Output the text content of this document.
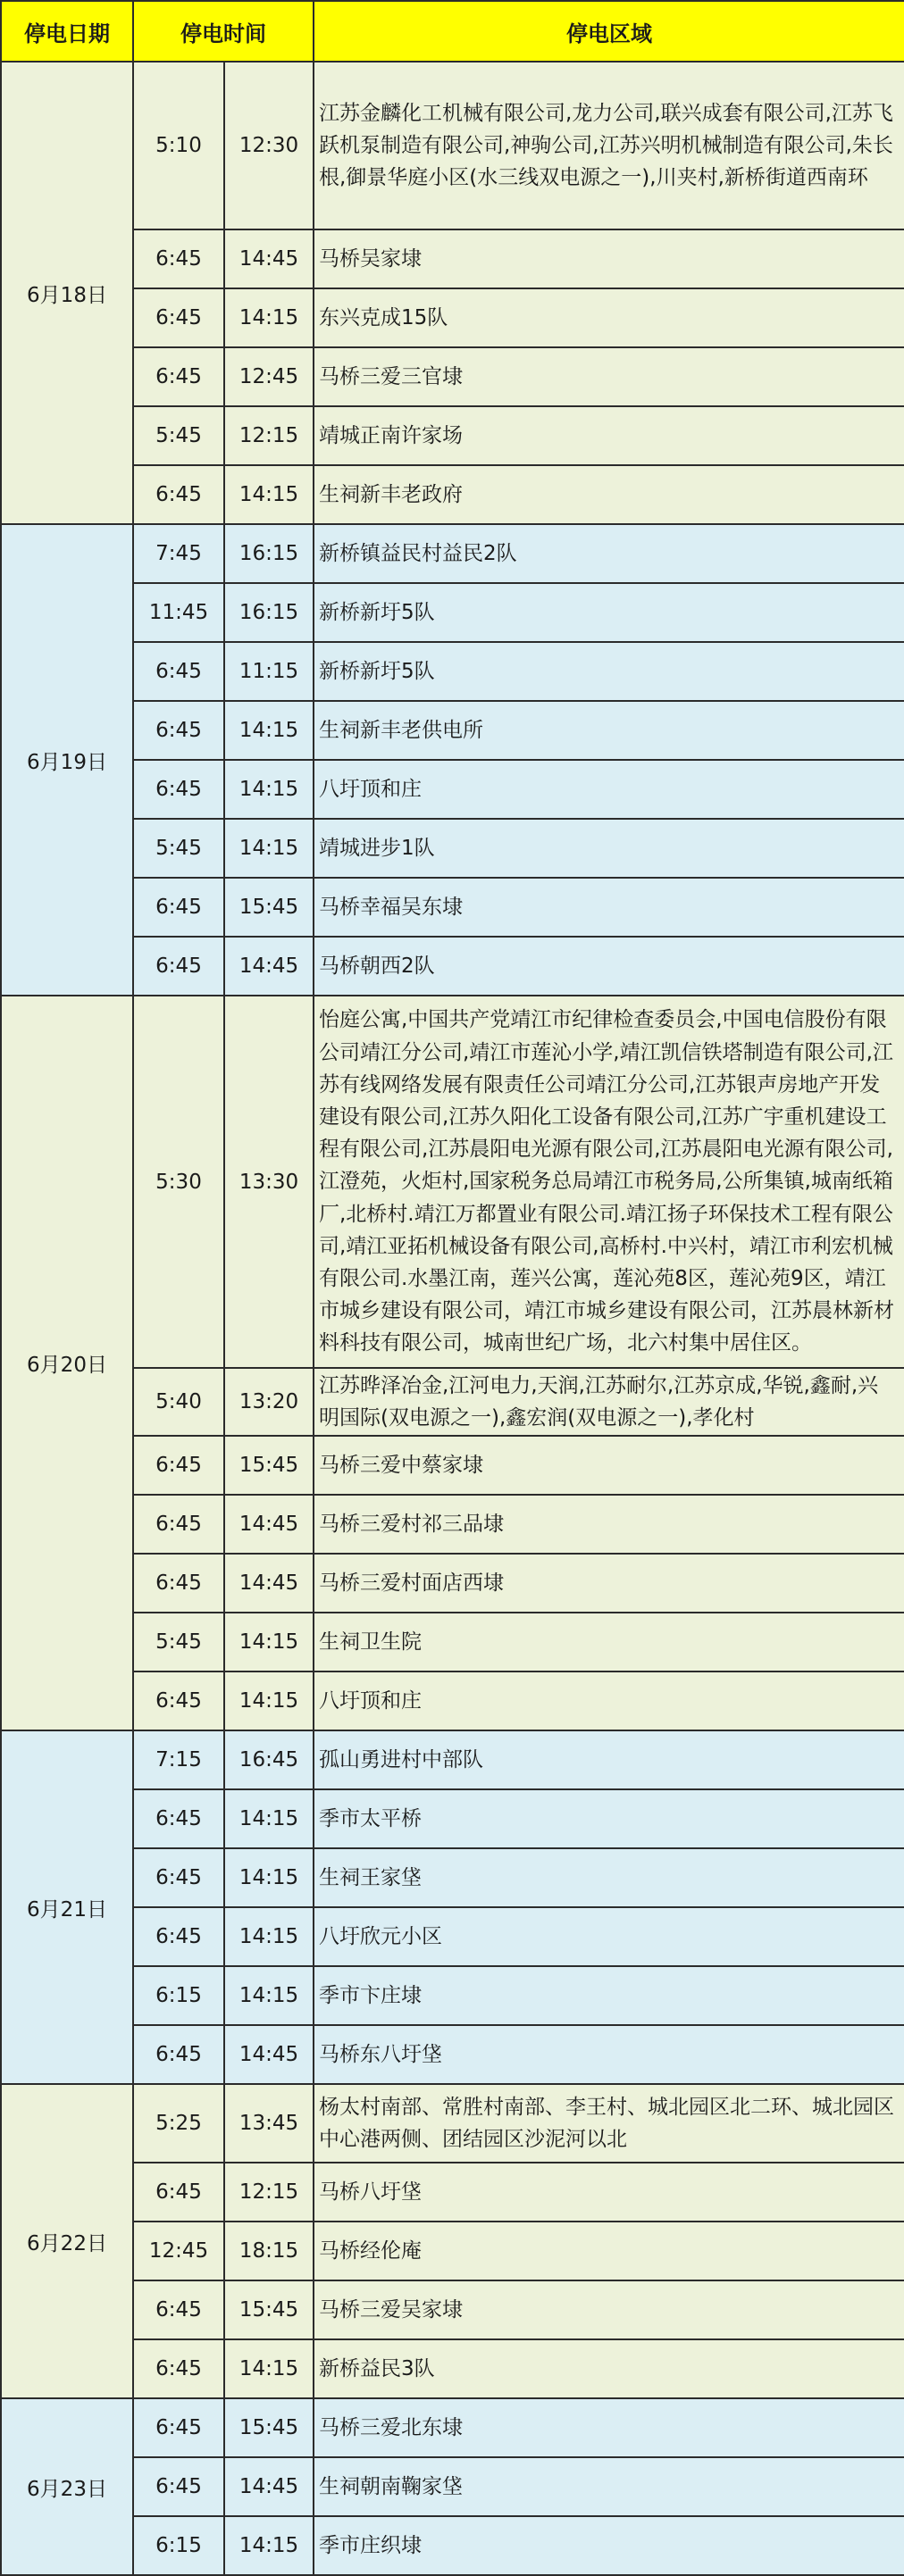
停电日期	停电时间		停电区域
6月18日	5:10	12:30	江苏金麟化工机械有限公司,龙力公司,联兴成套有限公司,江苏飞跃机泵制造有限公司,神驹公司,江苏兴明机械制造有限公司,朱长根,御景华庭小区(水三线双电源之一),川夹村,新桥街道西南环
	6:45	14:45	马桥吴家埭
	6:45	14:15	东兴克成15队
	6:45	12:45	马桥三爱三官埭
	5:45	12:15	靖城正南许家场
	6:45	14:15	生祠新丰老政府
6月19日	7:45	16:15	新桥镇益民村益民2队
	11:45	16:15	新桥新圩5队
	6:45	11:15	新桥新圩5队
	6:45	14:15	生祠新丰老供电所
	6:45	14:15	八圩顶和庄
	5:45	14:15	靖城进步1队
	6:45	15:45	马桥幸福吴东埭
	6:45	14:45	马桥朝西2队
6月20日	5:30	13:30	怡庭公寓,中国共产党靖江市纪律检查委员会,中国电信股份有限公司靖江分公司,靖江市莲沁小学,靖江凯信铁塔制造有限公司,江苏有线网络发展有限责任公司靖江分公司,江苏银声房地产开发建设有限公司,江苏久阳化工设备有限公司,江苏广宇重机建设工程有限公司,江苏晨阳电光源有限公司,江苏晨阳电光源有限公司,江澄苑，火炬村,国家税务总局靖江市税务局,公所集镇,城南纸箱厂,北桥村.靖江万都置业有限公司.靖江扬子环保技术工程有限公司,靖江亚拓机械设备有限公司,高桥村.中兴村，靖江市利宏机械有限公司.水墨江南，莲兴公寓，莲沁苑8区，莲沁苑9区，靖江市城乡建设有限公司，靖江市城乡建设有限公司，江苏晨林新材料科技有限公司，城南世纪广场，北六村集中居住区。
	5:40	13:20	江苏晔泽冶金,江河电力,天润,江苏耐尔,江苏京成,华锐,鑫耐,兴明国际(双电源之一),鑫宏润(双电源之一),孝化村
	6:45	15:45	马桥三爱中蔡家埭
	6:45	14:45	马桥三爱村祁三品埭
	6:45	14:45	马桥三爱村面店西埭
	5:45	14:15	生祠卫生院
	6:45	14:15	八圩顶和庄
6月21日	7:15	16:45	孤山勇进村中部队
	6:45	14:15	季市太平桥
	6:45	14:15	生祠王家垡
	6:45	14:15	八圩欣元小区
	6:15	14:15	季市卞庄埭
	6:45	14:45	马桥东八圩垡
6月22日	5:25	13:45	杨太村南部、常胜村南部、李王村、城北园区北二环、城北园区中心港两侧、团结园区沙泥河以北
	6:45	12:15	马桥八圩垡
	12:45	18:15	马桥经伦庵
	6:45	15:45	马桥三爱吴家埭
	6:45	14:15	新桥益民3队
6月23日	6:45	15:45	马桥三爱北东埭
	6:45	14:45	生祠朝南鞠家垡
	6:15	14:15	季市庄织埭
